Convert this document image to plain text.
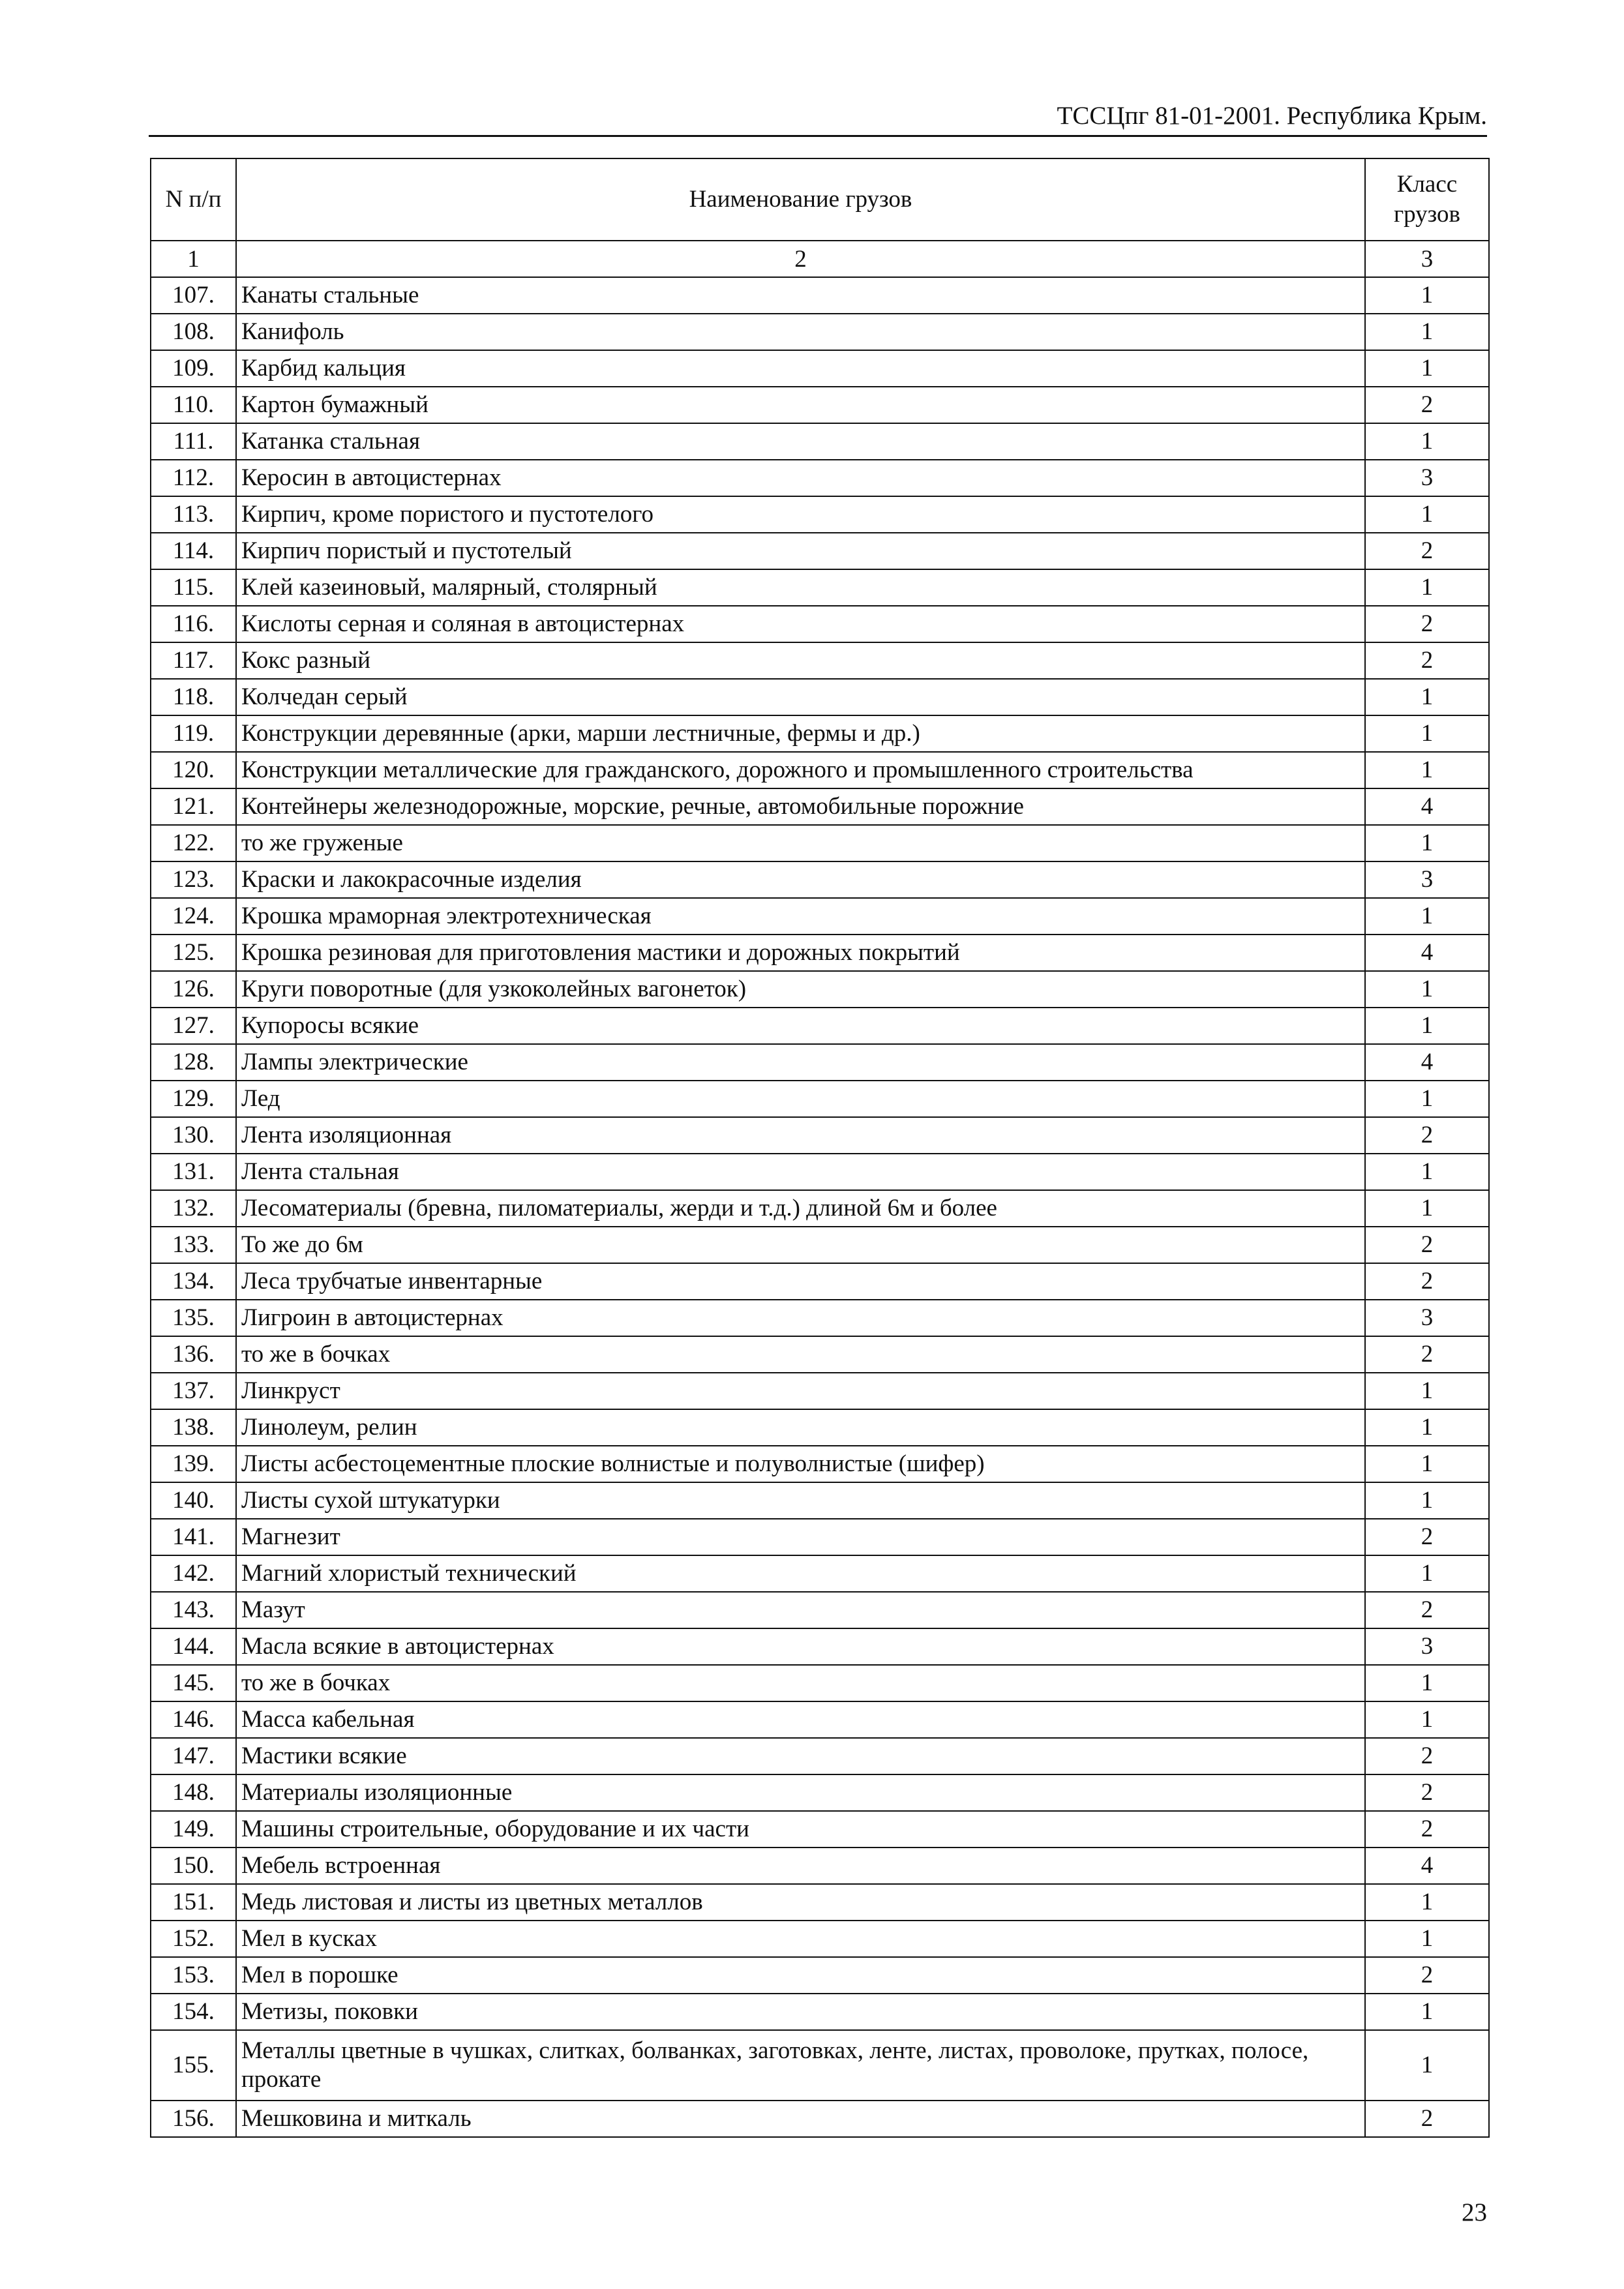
ТССЦпг 81-01-2001. Республика Крым.
N п/п	Наименование грузов	Класс
грузов

1	2	3
107.	Канаты стальные	1
108.	Канифоль	1
109.	Карбид кальция	1
110.	Картон бумажный	2
111.	Катанка стальная	1
112.	Керосин в автоцистернах	3
113.	Кирпич, кроме пористого и пустотелого	1
114.	Кирпич пористый и пустотелый	2
115.	Клей казеиновый, малярный, столярный	1
116.	Кислоты серная и соляная в автоцистернах	2
117.	Кокс разный	2
118.	Колчедан серый	1
119.	Конструкции деревянные (арки, марши лестничные, фермы и др.)	1
120.	Конструкции металлические для гражданского, дорожного и промышленного строительства	1
121.	Контейнеры железнодорожные, морские, речные, автомобильные порожние	4
122.	то же груженые	1
123.	Краски и лакокрасочные изделия	3
124.	Крошка мраморная электротехническая	1
125.	Крошка резиновая для приготовления мастики и дорожных покрытий	4
126.	Круги поворотные (для узкоколейных вагонеток)	1
127.	Купоросы всякие	1
128.	Лампы электрические	4
129.	Лед	1
130.	Лента изоляционная	2
131.	Лента стальная	1
132.	Лесоматериалы (бревна, пиломатериалы, жерди и т.д.) длиной 6м и более	1
133.	То же до 6м	2
134.	Леса трубчатые инвентарные	2
135.	Лигроин в автоцистернах	3
136.	то же в бочках	2
137.	Линкруст	1
138.	Линолеум, релин	1
139.	Листы асбестоцементные плоские волнистые и полуволнистые (шифер)	1
140.	Листы сухой штукатурки	1
141.	Магнезит	2
142.	Магний хлористый технический	1
143.	Мазут	2
144.	Масла всякие в автоцистернах	3
145.	то же в бочках	1
146.	Масса кабельная	1
147.	Мастики всякие	2
148.	Материалы изоляционные	2
149.	Машины строительные, оборудование и их части	2
150.	Мебель встроенная	4
151.	Медь листовая и листы из цветных металлов	1
152.	Мел в кусках	1
153.	Мел в порошке	2
154.	Метизы, поковки	1
155.	Металлы цветные в чушках, слитках, болванках, заготовках, ленте, листах, проволоке, прутках, полосе, прокате	1
156.	Мешковина и миткаль	2
23
